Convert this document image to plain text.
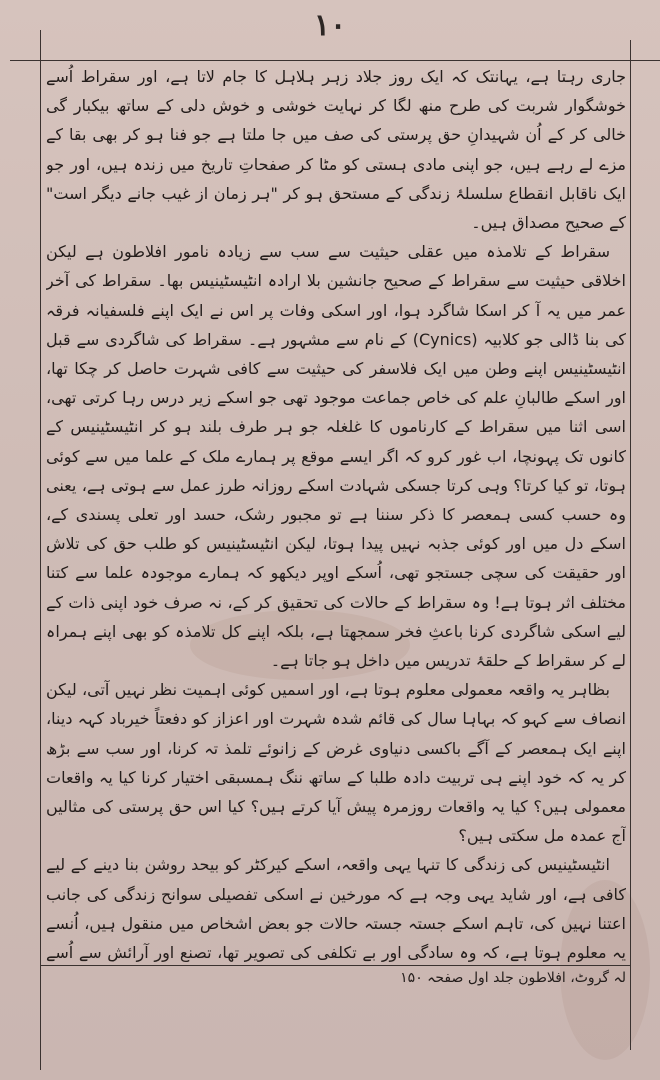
١٠

جاری رہتا ہے، یہانتک کہ ایک روز جلاد زہر ہلاہل کا جام لاتا ہے، اور سقراط اُسے خوشگوار شربت کی طرح منھ لگا کر نہایت خوشی و خوش دلی کے ساتھ بیکبار گی خالی کر کے اُن شہیدانِ حق پرستی کی صف میں جا ملتا ہے جو فنا ہو کر بھی بقا کے مزے لے رہے ہیں، جو اپنی مادی ہستی کو مٹا کر صفحاتِ تاریخ میں زندہ ہیں، اور جو ایک ناقابل انقطاع سلسلۂ زندگی کے مستحق ہو کر "ہر زمان از غیب جانے دیگر است" کے صحیح مصداق ہیں۔

سقراط کے تلامذہ میں عقلی حیثیت سے سب سے زیادہ نامور افلاطون ہے لیکن اخلاقی حیثیت سے سقراط کے صحیح جانشین بلا ارادہ انٹیسٹینیس بھا۔ سقراط کی آخر عمر میں یہ آ کر اسکا شاگرد ہوا، اور اسکی وفات پر اس نے ایک اپنے فلسفیانہ فرقہ کی بنا ڈالی جو کلابیہ (Cynics) کے نام سے مشہور ہے۔ سقراط کی شاگردی سے قبل انٹیسٹینیس اپنے وطن میں ایک فلاسفر کی حیثیت سے کافی شہرت حاصل کر چکا تھا، اور اسکے طالبانِ علم کی خاص جماعت موجود تھی جو اسکے زیر درس رہا کرتی تھی، اسی اثنا میں سقراط کے کارناموں کا غلغلہ جو ہر طرف بلند ہو کر انٹیسٹینیس کے کانوں تک پہونچا، اب غور کرو کہ اگر ایسے موقع پر ہمارے ملک کے علما میں سے کوئی ہوتا، تو کیا کرتا؟ وہی کرتا جسکی شہادت اسکے روزانہ طرز عمل سے ہوتی ہے، یعنی وہ حسب کسی ہمعصر کا ذکر سننا ہے تو مجبور رشک، حسد اور تعلی پسندی کے، اسکے دل میں اور کوئی جذبہ نہیں پیدا ہوتا، لیکن انٹیسٹینیس کو طلب حق کی تلاش اور حقیقت کی سچی جستجو تھی، اُسکے اوپر دیکھو کہ ہمارے موجودہ علما سے کتنا مختلف اثر ہوتا ہے! وہ سقراط کے حالات کی تحقیق کر کے، نہ صرف خود اپنی ذات کے لیے اسکی شاگردی کرنا باعثِ فخر سمجھتا ہے، بلکہ اپنے کل تلامذہ کو بھی اپنے ہمراہ لے کر سقراط کے حلقۂ تدریس میں داخل ہو جاتا ہے۔

بظاہر یہ واقعہ معمولی معلوم ہوتا ہے، اور اسمیں کوئی اہمیت نظر نہیں آتی، لیکن انصاف سے کہو کہ بہاہا سال کی قائم شدہ شہرت اور اعزاز کو دفعتاً خیرباد کہہ دینا، اپنے ایک ہمعصر کے آگے باکسی دنیاوی غرض کے زانوئے تلمذ تہ کرنا، اور سب سے بڑھ کر یہ کہ خود اپنے ہی تربیت دادہ طلبا کے ساتھ ننگ ہمسبقی اختیار کرنا کیا یہ واقعات معمولی ہیں؟ کیا یہ واقعات روزمرہ پیش آیا کرتے ہیں؟ کیا اس حق پرستی کی مثالیں آج عمدہ مل سکتی ہیں؟

انٹیسٹینیس کی زندگی کا تنہا یہی واقعہ، اسکے کیرکٹر کو بیحد روشن بنا دینے کے لیے کافی ہے، اور شاید یہی وجہ ہے کہ مورخین نے اسکی تفصیلی سوانح زندگی کی جانب اعتنا نہیں کی، تاہم اسکے جستہ جستہ حالات جو بعض اشخاص میں منقول ہیں، اُنسے یہ معلوم ہوتا ہے، کہ وہ سادگی اور بے تکلفی کی تصویر تھا، تصنع اور آرائش سے اُسے

لہ گروٹ، افلاطون جلد اول صفحہ ۱۵۰
